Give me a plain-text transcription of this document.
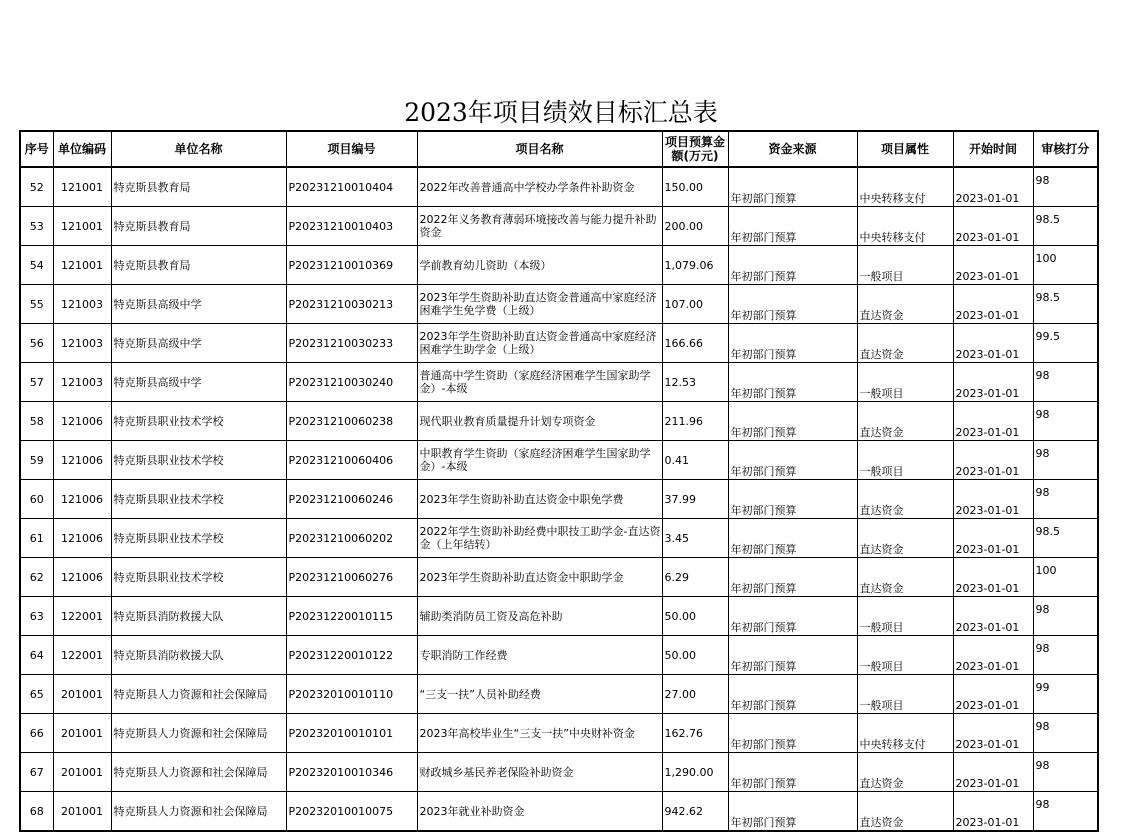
2023年项目绩效目标汇总表
序号	单位编码	单位名称	项目编号	项目名称	项目预算金额(万元)	资金来源	项目属性	开始时间	审核打分
52	121001	特克斯县教育局	P20231210010404	2022年改善普通高中学校办学条件补助资金	150.00	年初部门预算	中央转移支付	2023-01-01	98

53	121001	特克斯县教育局	P20231210010403	2022年义务教育薄弱环境接改善与能力提升补助资金	200.00	年初部门预算	中央转移支付	2023-01-01	98.5

54	121001	特克斯县教育局	P20231210010369	学前教育幼儿资助（本级）	1,079.06	年初部门预算	一般项目	2023-01-01	100

55	121003	特克斯县高级中学	P20231210030213	2023年学生资助补助直达资金普通高中家庭经济困难学生免学费（上级）	107.00	年初部门预算	直达资金	2023-01-01	98.5

56	121003	特克斯县高级中学	P20231210030233	2023年学生资助补助直达资金普通高中家庭经济困难学生助学金（上级）	166.66	年初部门预算	直达资金	2023-01-01	99.5

57	121003	特克斯县高级中学	P20231210030240	普通高中学生资助（家庭经济困难学生国家助学金）-本级	12.53	年初部门预算	一般项目	2023-01-01	98

58	121006	特克斯县职业技术学校	P20231210060238	现代职业教育质量提升计划专项资金	211.96	年初部门预算	直达资金	2023-01-01	98

59	121006	特克斯县职业技术学校	P20231210060406	中职教育学生资助（家庭经济困难学生国家助学金）-本级	0.41	年初部门预算	一般项目	2023-01-01	98

60	121006	特克斯县职业技术学校	P20231210060246	2023年学生资助补助直达资金中职免学费	37.99	年初部门预算	直达资金	2023-01-01	98

61	121006	特克斯县职业技术学校	P20231210060202	2022年学生资助补助经费中职技工助学金-直达资金（上年结转）	3.45	年初部门预算	直达资金	2023-01-01	98.5

62	121006	特克斯县职业技术学校	P20231210060276	2023年学生资助补助直达资金中职助学金	6.29	年初部门预算	直达资金	2023-01-01	100

63	122001	特克斯县消防救援大队	P20231220010115	辅助类消防员工资及高危补助	50.00	年初部门预算	一般项目	2023-01-01	98

64	122001	特克斯县消防救援大队	P20231220010122	专职消防工作经费	50.00	年初部门预算	一般项目	2023-01-01	98

65	201001	特克斯县人力资源和社会保障局	P20232010010110	“三支一扶”人员补助经费	27.00	年初部门预算	一般项目	2023-01-01	99

66	201001	特克斯县人力资源和社会保障局	P20232010010101	2023年高校毕业生“三支一扶”中央财补资金	162.76	年初部门预算	中央转移支付	2023-01-01	98

67	201001	特克斯县人力资源和社会保障局	P20232010010346	财政城乡基民养老保险补助资金	1,290.00	年初部门预算	直达资金	2023-01-01	98

68	201001	特克斯县人力资源和社会保障局	P20232010010075	2023年就业补助资金	942.62	年初部门预算	直达资金	2023-01-01	98
